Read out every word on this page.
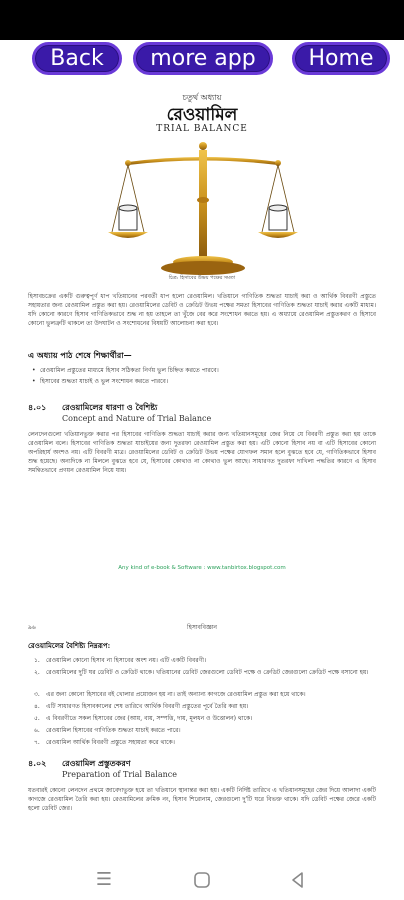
Back	more app	Home
চতুর্থ অধ্যায়
রেওয়ামিল
TRIAL BALANCE
চিত্র: হিসাবের উভয় পক্ষের সমতা
হিসাবচক্রের একটি গুরুত্বপূর্ণ ধাপ খতিয়ানের পরবর্তী ধাপ হলো রেওয়ামিল। খতিয়ানে গাণিতিক শুদ্ধতা যাচাই করা ও আর্থিক বিবরণী প্রস্তুতে সহায়তার জন্য রেওয়ামিল প্রস্তুত করা হয়। রেওয়ামিলের ডেবিট ও ক্রেডিট উভয় পক্ষের সমতা হিসাবের গাণিতিক শুদ্ধতা যাচাই করার একটি মাধ্যম। যদি কোনো কারণে হিসাব গাণিতিকভাবে শুদ্ধ না হয় তাহলে তা খুঁজে বের করে সংশোধন করতে হয়। এ অধ্যায়ে রেওয়ামিল প্রস্তুতকরণ ও হিসাবে কোনো ভুলত্রুটি থাকলে তা উদঘাটন ও সংশোধনের বিষয়টি আলোচনা করা হবে।
এ অধ্যায় পাঠ শেষে শিক্ষার্থীরা—
• রেওয়ামিল প্রস্তুতের মাধ্যমে হিসাব সঠিকতা নির্ণয় ভুল চিহ্নিত করতে পারবে।
• হিসাবের শুদ্ধতা যাচাই ও ভুল সংশোধন করতে পারবে।
৪.০১ রেওয়ামিলের ধারণা ও বৈশিষ্ট্য
Concept and Nature of Trial Balance
লেনদেনগুলো খতিয়ানভুক্ত করার পর হিসাবের গাণিতিক শুদ্ধতা যাচাই করার জন্য খতিয়ানসমূহের জের নিয়ে যে বিবরণী প্রস্তুত করা হয় তাকে রেওয়ামিল বলে। হিসাবের গাণিতিক শুদ্ধতা যাচাইয়ের জন্য দুতরফা রেওয়ামিল প্রস্তুত করা হয়। এটি কোনো হিসাব নয় বা এটি হিসাবের কোনো অপরিহার্য অংশও নয়। এটি বিবরণী মাত্র। রেওয়ামিলের ডেবিট ও ক্রেডিট উভয় পক্ষের যোগফল সমান হলে বুঝতে হবে যে, গাণিতিকভাবে হিসাব শুদ্ধ হয়েছে। অন্যদিকে না মিললে বুঝতে হবে যে, হিসাবের কোথাও না কোথাও ভুল আছে। সাধারণত দুতরফা দাখিলা পদ্ধতির কারণে এ হিসাব সমন্বিতভাবে প্রণয়ন রেওয়ামিল নিয়ে যায়।
Any kind of e-book & Software : www.tanbirtox.blogspot.com
৯৬	হিসাববিজ্ঞান
রেওয়ামিলের বৈশিষ্ট্য নিম্নরূপ:
১. রেওয়ামিল কোনো হিসাব না হিসাবের অংশ নয়। এটি একটি বিবরণী।
২. রেওয়ামিলের দুটি ঘর ডেবিট ও ক্রেডিট থাকে। খতিয়ানের ডেবিট জেরগুলো ডেবিট পক্ষে ও ক্রেডিট জেরগুলো ক্রেডিট পক্ষে বসানো হয়।
৩. এর জন্য কোনো হিসাবের বই খোলার প্রয়োজন হয় না। তাই অন্যান্য কাগজে রেওয়ামিল প্রস্তুত করা হয়ে থাকে।
৪. এটি সাধারণত হিসাবকালের শেষ তারিখে আর্থিক বিবরণী প্রস্তুতের পূর্বে তৈরি করা হয়।
৫. এ বিবরণীতে সকল হিসাবের জের (আয়, ব্যয়, সম্পত্তি, দায়, মূলধন ও উত্তোলন) থাকে।
৬. রেওয়ামিল হিসাবের গাণিতিক শুদ্ধতা যাচাই করতে পারে।
৭. রেওয়ামিল আর্থিক বিবরণী প্রস্তুতে সহায়তা করে থাকে।
৪.০২ রেওয়ামিল প্রস্তুতকরণ
Preparation of Trial Balance
যতবারই কোনো লেনদেন প্রথমে জাবেদাভুক্ত হয়ে তা খতিয়ানে স্থানান্তর করা হয়। একটি নির্দিষ্ট তারিখে এ খতিয়ানসমূহের জের দিয়ে আলাদা একটি কাগজে রেওয়ামিল তৈরি করা হয়। রেওয়ামিলের ক্রমিক নং, হিসাব শিরোনাম, জেরগুলো দু'টি ঘরে বিভক্ত থাকে। যদি ডেবিট পক্ষের জেরে একটি হলো ডেবিট জের।
☰
